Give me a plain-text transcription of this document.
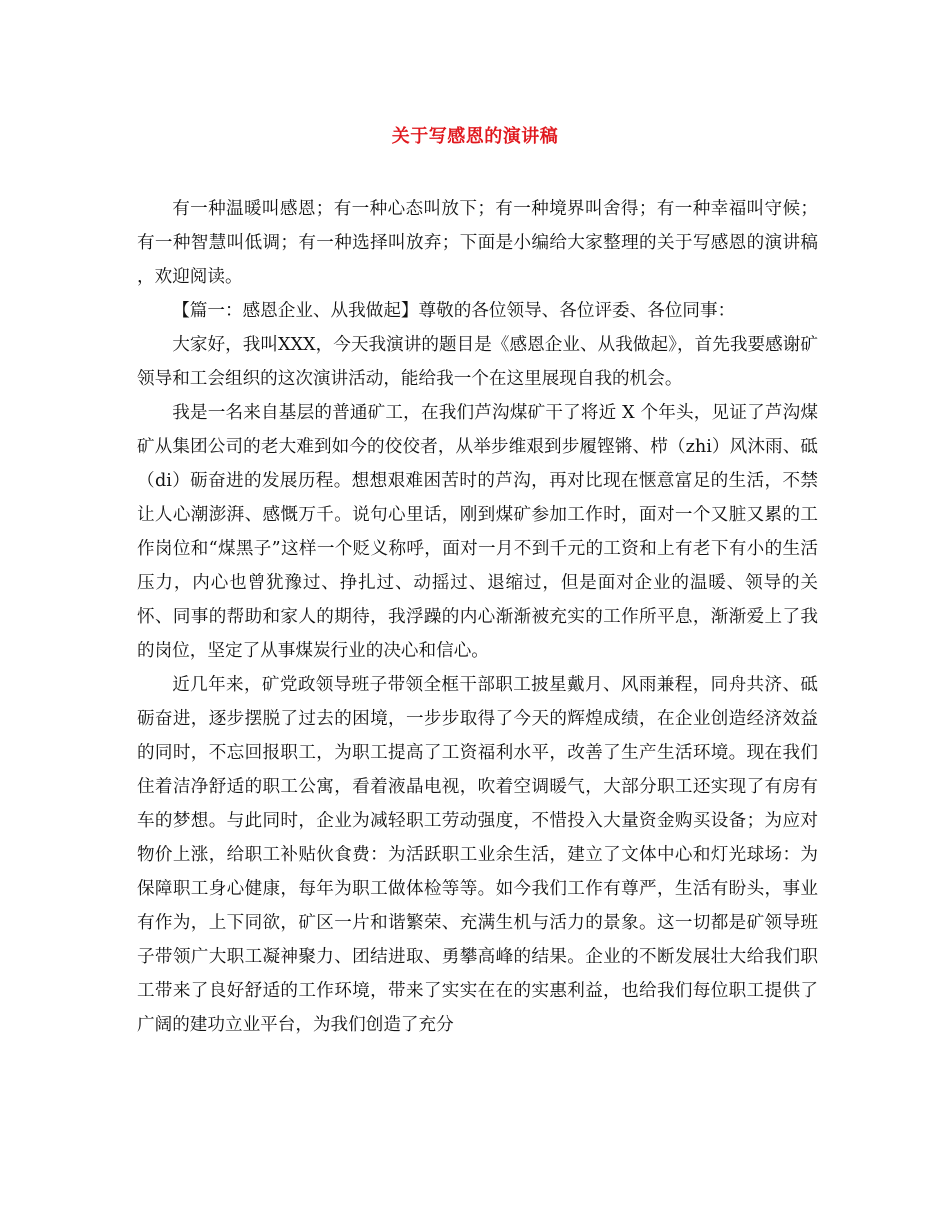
关于写感恩的演讲稿

有一种温暖叫感恩；有一种心态叫放下；有一种境界叫舍得；有一种幸福叫守候；有一种智慧叫低调；有一种选择叫放弃；下面是小编给大家整理的关于写感恩的演讲稿 ，欢迎阅读。

【篇一：感恩企业、从我做起】尊敬的各位领导、各位评委、各位同事：

大家好，我叫XXX，今天我演讲的题目是《感恩企业、从我做起》，首先我要感谢矿领导和工会组织的这次演讲活动，能给我一个在这里展现自我的机会。

我是一名来自基层的普通矿工，在我们芦沟煤矿干了将近 X 个年头，见证了芦沟煤矿从集团公司的老大难到如今的佼佼者，从举步维艰到步履铿锵、栉（zhi）风沐雨、砥（di）砺奋进的发展历程。想想艰难困苦时的芦沟，再对比现在惬意富足的生活，不禁让人心潮澎湃、感慨万千。说句心里话，刚到煤矿参加工作时，面对一个又脏又累的工作岗位和“煤黑子”这样一个贬义称呼，面对一月不到千元的工资和上有老下有小的生活压力，内心也曾犹豫过、挣扎过、动摇过、退缩过，但是面对企业的温暖、领导的关怀、同事的帮助和家人的期待，我浮躁的内心渐渐被充实的工作所平息，渐渐爱上了我的岗位，坚定了从事煤炭行业的决心和信心。

近几年来，矿党政领导班子带领全框干部职工披星戴月、风雨兼程，同舟共济、砥砺奋进，逐步摆脱了过去的困境，一步步取得了今天的辉煌成绩，在企业创造经济效益的同时，不忘回报职工，为职工提高了工资福利水平，改善了生产生活环境。现在我们住着洁净舒适的职工公寓，看着液晶电视，吹着空调暖气，大部分职工还实现了有房有车的梦想。与此同时，企业为减轻职工劳动强度，不惜投入大量资金购买设备；为应对物价上涨，给职工补贴伙食费：为活跃职工业余生活，建立了文体中心和灯光球场：为保障职工身心健康，每年为职工做体检等等。如今我们工作有尊严，生活有盼头，事业有作为，上下同欲，矿区一片和谐繁荣、充满生机与活力的景象。这一切都是矿领导班子带领广大职工凝神聚力、团结进取、勇攀高峰的结果。企业的不断发展壮大给我们职工带来了良好舒适的工作环境，带来了实实在在的实惠利益，也给我们每位职工提供了广阔的建功立业平台，为我们创造了充分
